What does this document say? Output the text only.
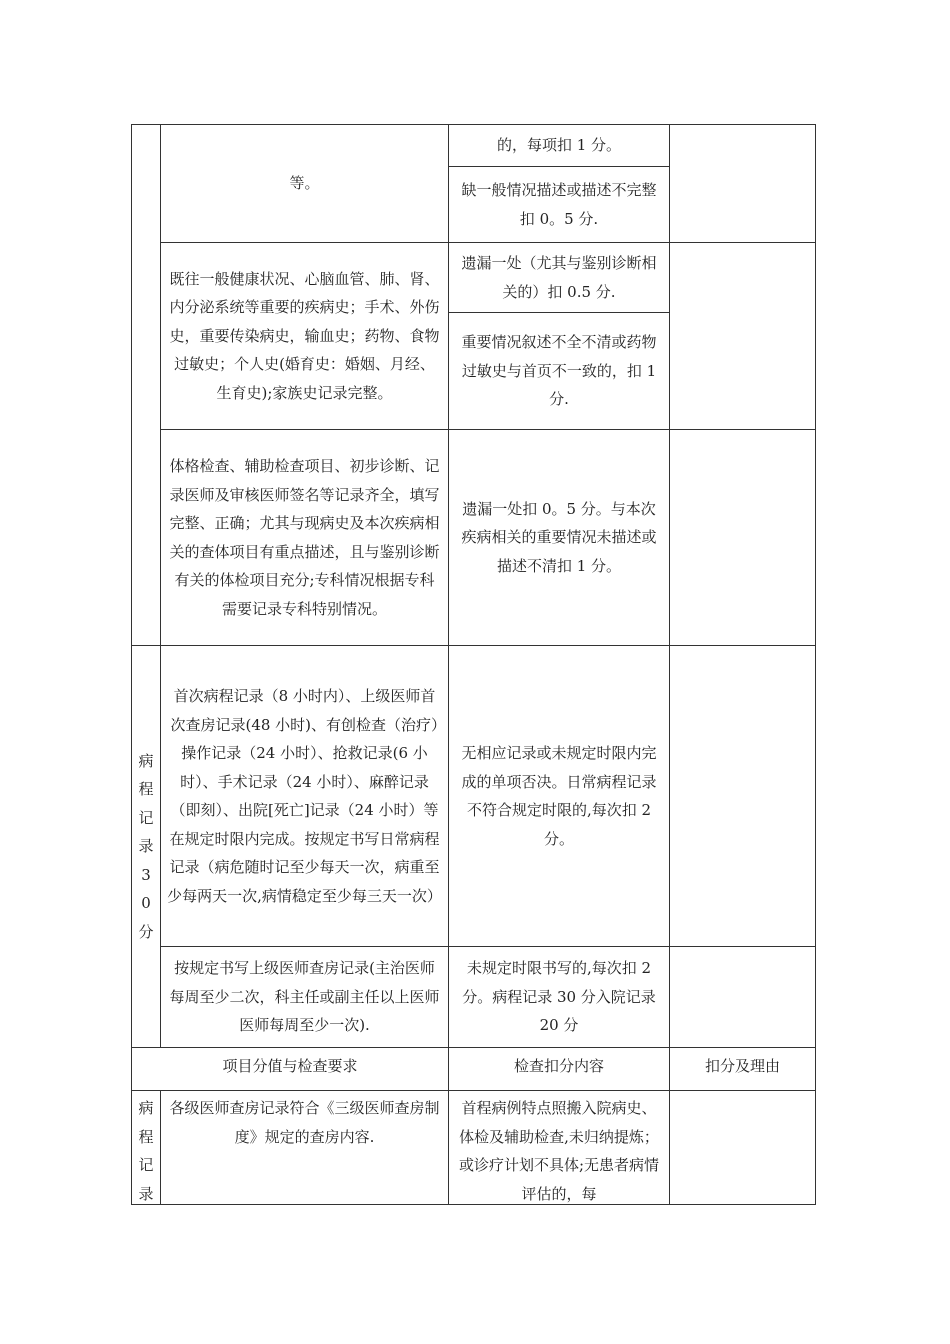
等。
的，每项扣 1 分。
缺一般情况描述或描述不完整扣 0。5 分.
既往一般健康状况、心脑血管、肺、肾、内分泌系统等重要的疾病史；手术、外伤史，重要传染病史，输血史；药物、食物过敏史；个人史(婚育史：婚姻、月经、生育史);家族史记录完整。
遗漏一处（尤其与鉴别诊断相关的）扣 0.5 分.
重要情况叙述不全不清或药物过敏史与首页不一致的，扣 1 分.
体格检查、辅助检查项目、初步诊断、记录医师及审核医师签名等记录齐全，填写完整、正确；尤其与现病史及本次疾病相关的查体项目有重点描述，且与鉴别诊断有关的体检项目充分;专科情况根据专科需要记录专科特别情况。
遗漏一处扣 0。5 分。与本次疾病相关的重要情况未描述或描述不清扣 1 分。
病
程
记
录
3
0
分
首次病程记录（8 小时内）、上级医师首次查房记录(48 小时)、有创检查（治疗）操作记录（24 小时）、抢救记录(6 小时）、手术记录（24 小时）、麻醉记录（即刻）、出院[死亡]记录（24 小时）等在规定时限内完成。按规定书写日常病程记录（病危随时记至少每天一次，病重至少每两天一次,病情稳定至少每三天一次）
无相应记录或未规定时限内完成的单项否决。日常病程记录不符合规定时限的,每次扣 2 分。
按规定书写上级医师查房记录(主治医师每周至少二次，科主任或副主任以上医师医师每周至少一次).
未规定时限书写的,每次扣 2 分。病程记录 30 分入院记录 20 分
项目分值与检查要求	检查扣分内容	扣分及理由
病
程
记
录
各级医师查房记录符合《三级医师查房制度》规定的查房内容.
首程病例特点照搬入院病史、体检及辅助检查,未归纳提炼；或诊疗计划不具体;无患者病情评估的，每
